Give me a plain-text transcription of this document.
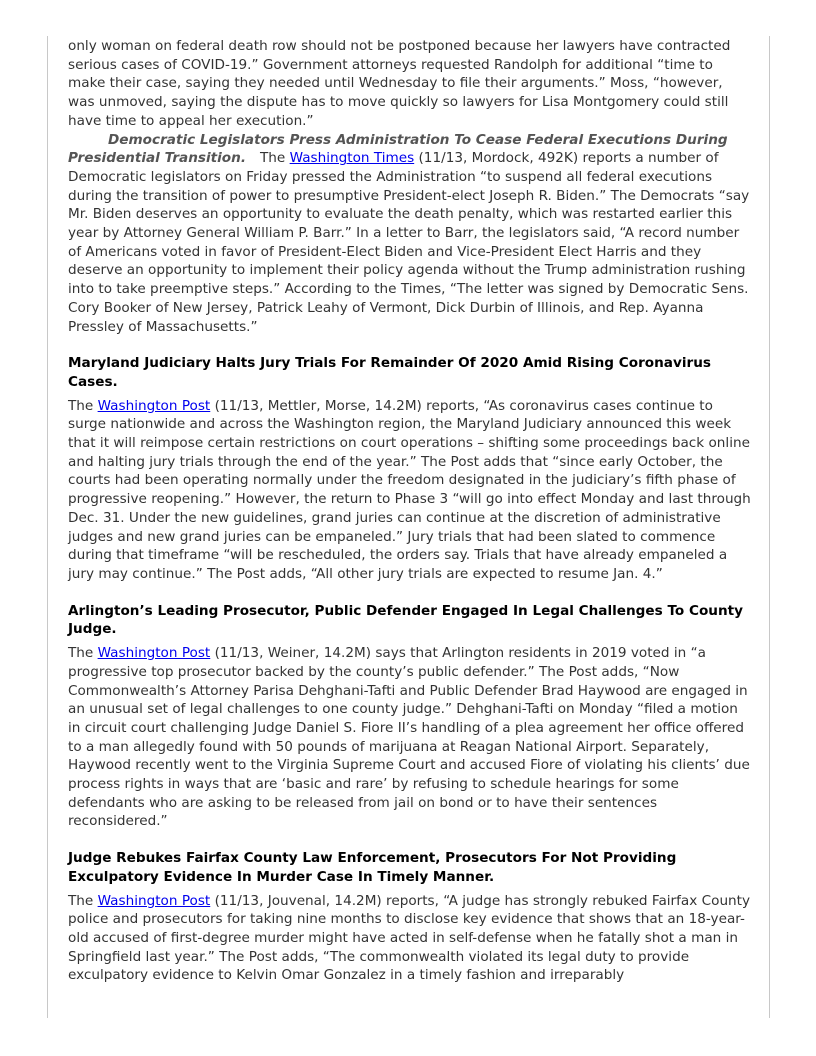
only woman on federal death row should not be postponed because her lawyers have contracted serious cases of COVID-19.” Government attorneys requested Randolph for additional “time to make their case, saying they needed until Wednesday to file their arguments.” Moss, “however, was unmoved, saying the dispute has to move quickly so lawyers for Lisa Montgomery could still have time to appeal her execution.”

Democratic Legislators Press Administration To Cease Federal Executions During Presidential Transition. The Washington Times (11/13, Mordock, 492K) reports a number of Democratic legislators on Friday pressed the Administration “to suspend all federal executions during the transition of power to presumptive President-elect Joseph R. Biden.” The Democrats “say Mr. Biden deserves an opportunity to evaluate the death penalty, which was restarted earlier this year by Attorney General William P. Barr.” In a letter to Barr, the legislators said, “A record number of Americans voted in favor of President-Elect Biden and Vice-President Elect Harris and they deserve an opportunity to implement their policy agenda without the Trump administration rushing into to take preemptive steps.” According to the Times, “The letter was signed by Democratic Sens. Cory Booker of New Jersey, Patrick Leahy of Vermont, Dick Durbin of Illinois, and Rep. Ayanna Pressley of Massachusetts.”

Maryland Judiciary Halts Jury Trials For Remainder Of 2020 Amid Rising Coronavirus Cases.

The Washington Post (11/13, Mettler, Morse, 14.2M) reports, “As coronavirus cases continue to surge nationwide and across the Washington region, the Maryland Judiciary announced this week that it will reimpose certain restrictions on court operations – shifting some proceedings back online and halting jury trials through the end of the year.” The Post adds that “since early October, the courts had been operating normally under the freedom designated in the judiciary’s fifth phase of progressive reopening.” However, the return to Phase 3 “will go into effect Monday and last through Dec. 31. Under the new guidelines, grand juries can continue at the discretion of administrative judges and new grand juries can be empaneled.” Jury trials that had been slated to commence during that timeframe “will be rescheduled, the orders say. Trials that have already empaneled a jury may continue.” The Post adds, “All other jury trials are expected to resume Jan. 4.”

Arlington’s Leading Prosecutor, Public Defender Engaged In Legal Challenges To County Judge.

The Washington Post (11/13, Weiner, 14.2M) says that Arlington residents in 2019 voted in “a progressive top prosecutor backed by the county’s public defender.” The Post adds, “Now Commonwealth’s Attorney Parisa Dehghani-Tafti and Public Defender Brad Haywood are engaged in an unusual set of legal challenges to one county judge.” Dehghani-Tafti on Monday “filed a motion in circuit court challenging Judge Daniel S. Fiore II’s handling of a plea agreement her office offered to a man allegedly found with 50 pounds of marijuana at Reagan National Airport. Separately, Haywood recently went to the Virginia Supreme Court and accused Fiore of violating his clients’ due process rights in ways that are ‘basic and rare’ by refusing to schedule hearings for some defendants who are asking to be released from jail on bond or to have their sentences reconsidered.”

Judge Rebukes Fairfax County Law Enforcement, Prosecutors For Not Providing Exculpatory Evidence In Murder Case In Timely Manner.

The Washington Post (11/13, Jouvenal, 14.2M) reports, “A judge has strongly rebuked Fairfax County police and prosecutors for taking nine months to disclose key evidence that shows that an 18-year-old accused of first-degree murder might have acted in self-defense when he fatally shot a man in Springfield last year.” The Post adds, “The commonwealth violated its legal duty to provide exculpatory evidence to Kelvin Omar Gonzalez in a timely fashion and irreparably
